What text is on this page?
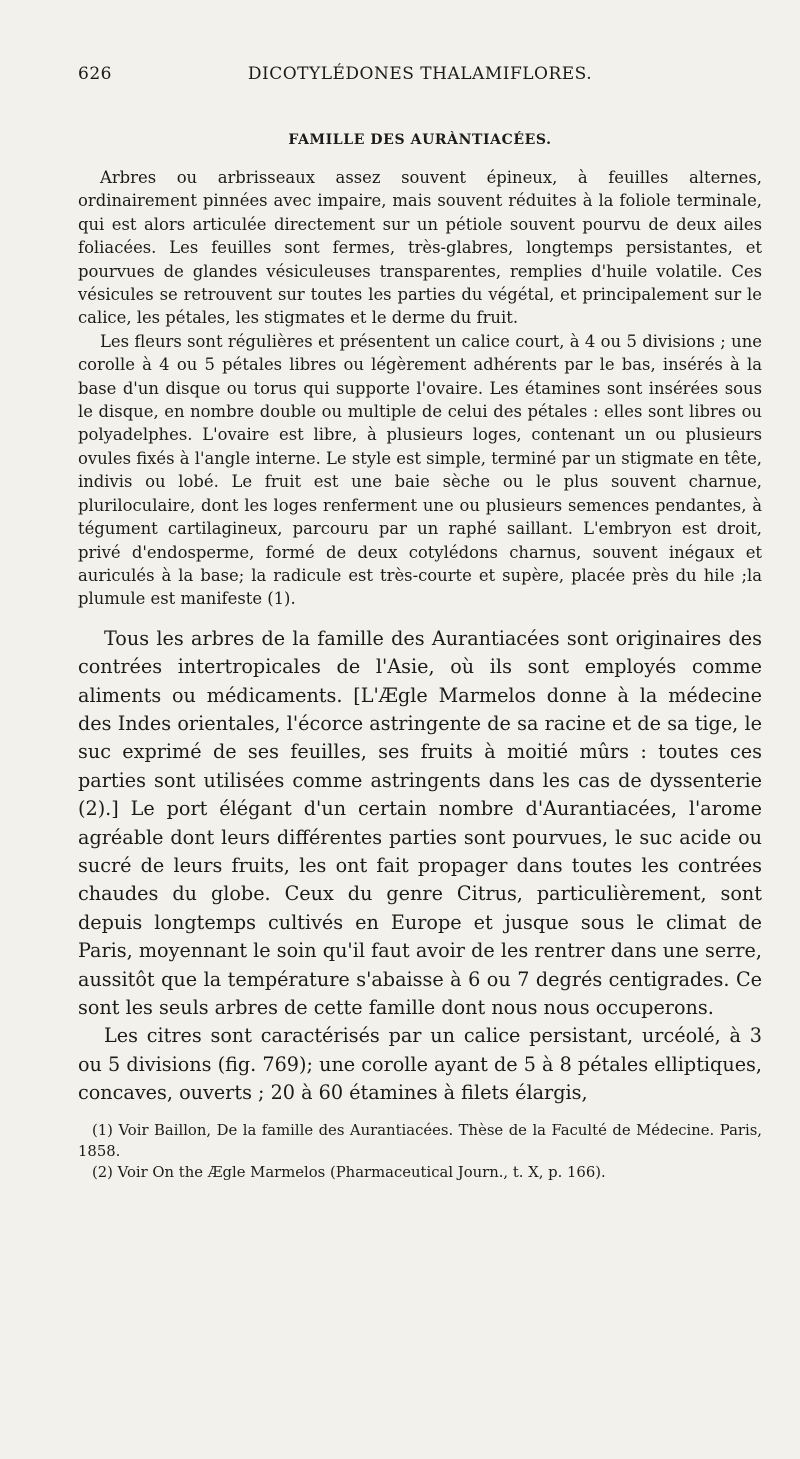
626	DICOTYLÉDONES THALAMIFLORES.
FAMILLE DES AURÀNTIACÉES.

Arbres ou arbrisseaux assez souvent épineux, à feuilles alternes, ordinairement pinnées avec impaire, mais souvent réduites à la foliole terminale, qui est alors articulée directement sur un pétiole souvent pourvu de deux ailes foliacées. Les feuilles sont fermes, très-glabres, longtemps persistantes, et pourvues de glandes vésiculeuses transparentes, remplies d'huile volatile. Ces vésicules se retrouvent sur toutes les parties du végétal, et principalement sur le calice, les pétales, les stigmates et le derme du fruit.

Les fleurs sont régulières et présentent un calice court, à 4 ou 5 divisions ; une corolle à 4 ou 5 pétales libres ou légèrement adhérents par le bas, insérés à la base d'un disque ou torus qui supporte l'ovaire. Les étamines sont insérées sous le disque, en nombre double ou multiple de celui des pétales : elles sont libres ou polyadelphes. L'ovaire est libre, à plusieurs loges, contenant un ou plusieurs ovules fixés à l'angle interne. Le style est simple, terminé par un stigmate en tête, indivis ou lobé. Le fruit est une baie sèche ou le plus souvent charnue, pluriloculaire, dont les loges renferment une ou plusieurs semences pendantes, à tégument cartilagineux, parcouru par un raphé saillant. L'embryon est droit, privé d'endosperme, formé de deux cotylédons charnus, souvent inégaux et auriculés à la base; la radicule est très-courte et supère, placée près du hile ;la plumule est manifeste (1).

Tous les arbres de la famille des Aurantiacées sont originaires des contrées intertropicales de l'Asie, où ils sont employés comme aliments ou médicaments. [L'Ægle Marmelos donne à la médecine des Indes orientales, l'écorce astringente de sa racine et de sa tige, le suc exprimé de ses feuilles, ses fruits à moitié mûrs : toutes ces parties sont utilisées comme astringents dans les cas de dyssenterie (2).] Le port élégant d'un certain nombre d'Aurantiacées, l'arome agréable dont leurs différentes parties sont pourvues, le suc acide ou sucré de leurs fruits, les ont fait propager dans toutes les contrées chaudes du globe. Ceux du genre Citrus, particulièrement, sont depuis longtemps cultivés en Europe et jusque sous le climat de Paris, moyennant le soin qu'il faut avoir de les rentrer dans une serre, aussitôt que la température s'abaisse à 6 ou 7 degrés centigrades. Ce sont les seuls arbres de cette famille dont nous nous occuperons.

Les citres sont caractérisés par un calice persistant, urcéolé, à 3 ou 5 divisions (fig. 769); une corolle ayant de 5 à 8 pétales elliptiques, concaves, ouverts ; 20 à 60 étamines à filets élargis,

(1) Voir Baillon, De la famille des Aurantiacées. Thèse de la Faculté de Médecine. Paris, 1858.

(2) Voir On the Ægle Marmelos (Pharmaceutical Journ., t. X, p. 166).
